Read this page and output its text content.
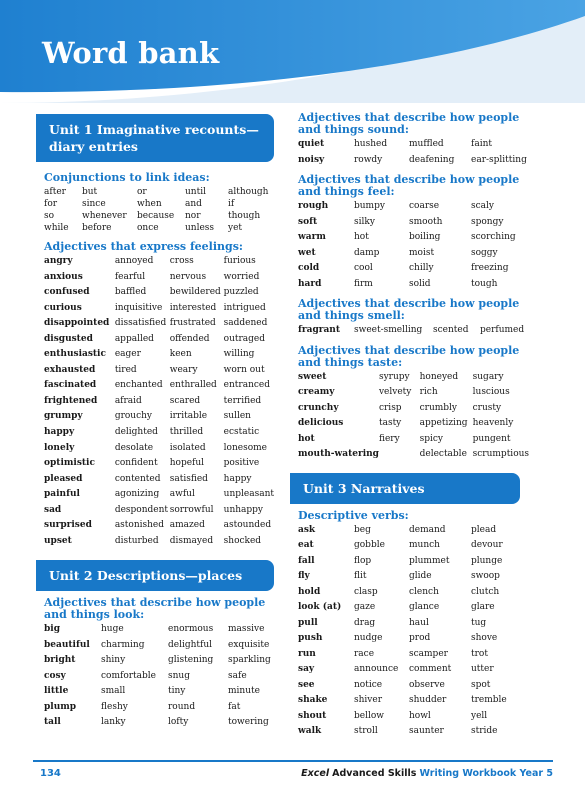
Word bank
Unit 1 Imaginative recounts—diary entries
Conjunctions to link ideas:
after	but	or	until	although
for	since	when	and	if
so	whenever	because	nor	though
while	before	once	unless	yet
Adjectives that express feelings:
angry	annoyed	cross	furious
anxious	fearful	nervous	worried
confused	baffled	bewildered	puzzled
curious	inquisitive	interested	intrigued
disappointed	dissatisfied	frustrated	saddened
disgusted	appalled	offended	outraged
enthusiastic	eager	keen	willing
exhausted	tired	weary	worn out
fascinated	enchanted	enthralled	entranced
frightened	afraid	scared	terrified
grumpy	grouchy	irritable	sullen
happy	delighted	thrilled	ecstatic
lonely	desolate	isolated	lonesome
optimistic	confident	hopeful	positive
pleased	contented	satisfied	happy
painful	agonizing	awful	unpleasant
sad	despondent	sorrowful	unhappy
surprised	astonished	amazed	astounded
upset	disturbed	dismayed	shocked
Unit 2 Descriptions—places
Adjectives that describe how people and things look:
big	huge	enormous	massive
beautiful	charming	delightful	exquisite
bright	shiny	glistening	sparkling
cosy	comfortable	snug	safe
little	small	tiny	minute
plump	fleshy	round	fat
tall	lanky	lofty	towering
Adjectives that describe how people and things sound:
quiet	hushed	muffled	faint
noisy	rowdy	deafening	ear-splitting
Adjectives that describe how people and things feel:
rough	bumpy	coarse	scaly
soft	silky	smooth	spongy
warm	hot	boiling	scorching
wet	damp	moist	soggy
cold	cool	chilly	freezing
hard	firm	solid	tough
Adjectives that describe how people and things smell:
fragrant	sweet-smelling	scented	perfumed
Adjectives that describe how people and things taste:
sweet	syrupy	honeyed	sugary
creamy	velvety	rich	luscious
crunchy	crisp	crumbly	crusty
delicious	tasty	appetizing	heavenly
hot	fiery	spicy	pungent
mouth-watering		delectable	scrumptious
Unit 3 Narratives
Descriptive verbs:
ask	beg	demand	plead
eat	gobble	munch	devour
fall	flop	plummet	plunge
fly	flit	glide	swoop
hold	clasp	clench	clutch
look (at)	gaze	glance	glare
pull	drag	haul	tug
push	nudge	prod	shove
run	race	scamper	trot
say	announce	comment	utter
see	notice	observe	spot
shake	shiver	shudder	tremble
shout	bellow	howl	yell
walk	stroll	saunter	stride
134	Excel Advanced Skills Writing Workbook Year 5
